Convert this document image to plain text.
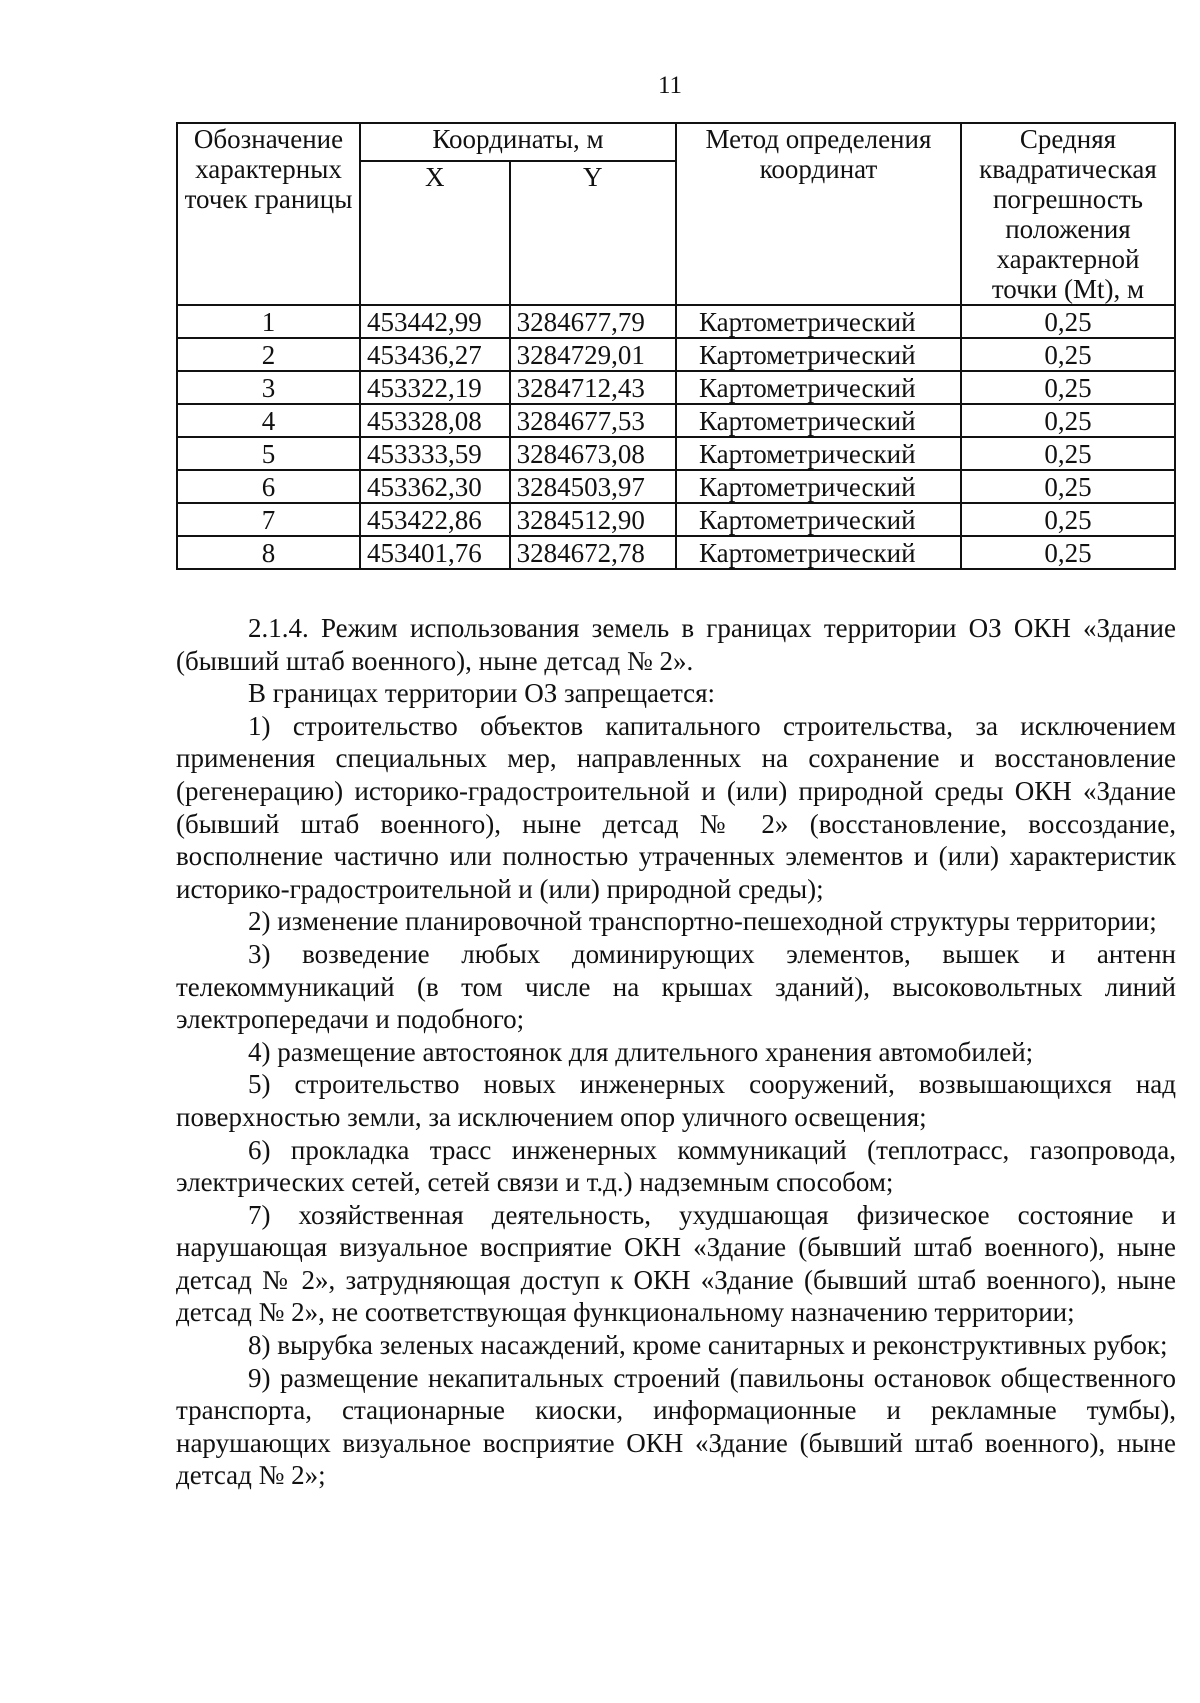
11
Обозначение характерных точек границы	Координаты, м		Метод определения координат	Средняя квадратическая погрешность положения характерной точки (Mt), м
	X	Y		
1	453442,99	3284677,79	Картометрический	0,25
2	453436,27	3284729,01	Картометрический	0,25
3	453322,19	3284712,43	Картометрический	0,25
4	453328,08	3284677,53	Картометрический	0,25
5	453333,59	3284673,08	Картометрический	0,25
6	453362,30	3284503,97	Картометрический	0,25
7	453422,86	3284512,90	Картометрический	0,25
8	453401,76	3284672,78	Картометрический	0,25

2.1.4. Режим использования земель в границах территории ОЗ ОКН «Здание (бывший штаб военного), ныне детсад № 2».

В границах территории ОЗ запрещается:

1) строительство объектов капитального строительства, за исключением применения специальных мер, направленных на сохранение и восстановление (регенерацию) историко-градостроительной и (или) природной среды ОКН «Здание (бывший штаб военного), ныне детсад № 2» (восстановление, воссоздание, восполнение частично или полностью утраченных элементов и (или) характеристик историко-градостроительной и (или) природной среды);

2) изменение планировочной транспортно-пешеходной структуры территории;

3) возведение любых доминирующих элементов, вышек и антенн телекоммуникаций (в том числе на крышах зданий), высоковольтных линий электропередачи и подобного;

4) размещение автостоянок для длительного хранения автомобилей;

5) строительство новых инженерных сооружений, возвышающихся над поверхностью земли, за исключением опор уличного освещения;

6) прокладка трасс инженерных коммуникаций (теплотрасс, газопровода, электрических сетей, сетей связи и т.д.) надземным способом;

7) хозяйственная деятельность, ухудшающая физическое состояние и нарушающая визуальное восприятие ОКН «Здание (бывший штаб военного), ныне детсад № 2», затрудняющая доступ к ОКН «Здание (бывший штаб военного), ныне детсад № 2», не соответствующая функциональному назначению территории;

8) вырубка зеленых насаждений, кроме санитарных и реконструктивных рубок;

9) размещение некапитальных строений (павильоны остановок общественного транспорта, стационарные киоски, информационные и рекламные тумбы), нарушающих визуальное восприятие ОКН «Здание (бывший штаб военного), ныне детсад № 2»;
